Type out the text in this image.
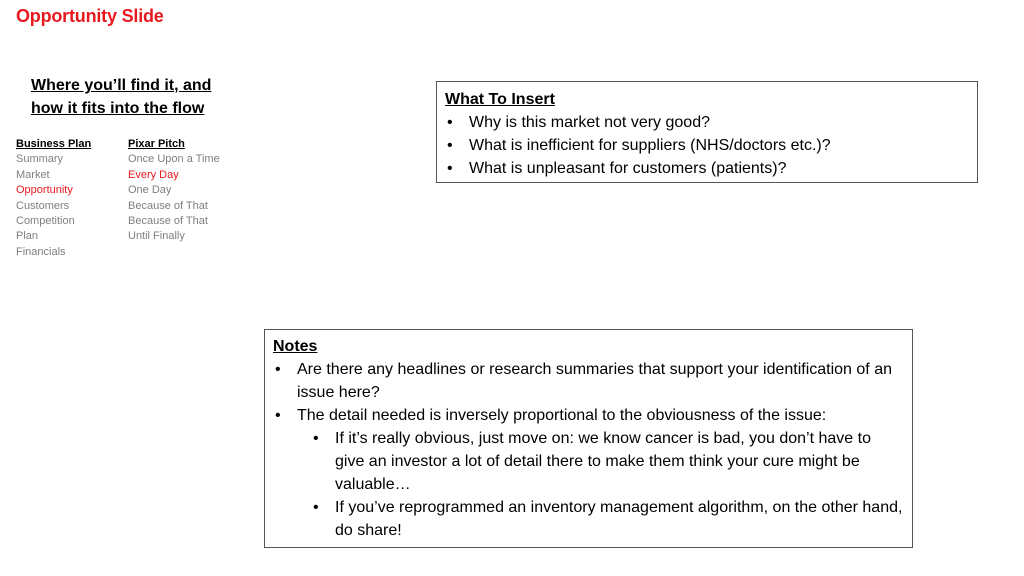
Opportunity Slide
Where you’ll find it, and
how it fits into the flow
Business Plan
Summary
Market
Opportunity
Customers
Competition
Plan
Financials
Pixar Pitch
Once Upon a Time
Every Day
One Day
Because of That
Because of That
Until Finally
What To Insert
• Why is this market not very good?
• What is inefficient for suppliers (NHS/doctors etc.)?
• What is unpleasant for customers (patients)?
Notes
• Are there any headlines or research summaries that support your identification of an issue here?
• The detail needed is inversely proportional to the obviousness of the issue:
• If it’s really obvious, just move on: we know cancer is bad, you don’t have to give an investor a lot of detail there to make them think your cure might be valuable…
• If you’ve reprogrammed an inventory management algorithm, on the other hand, do share!
